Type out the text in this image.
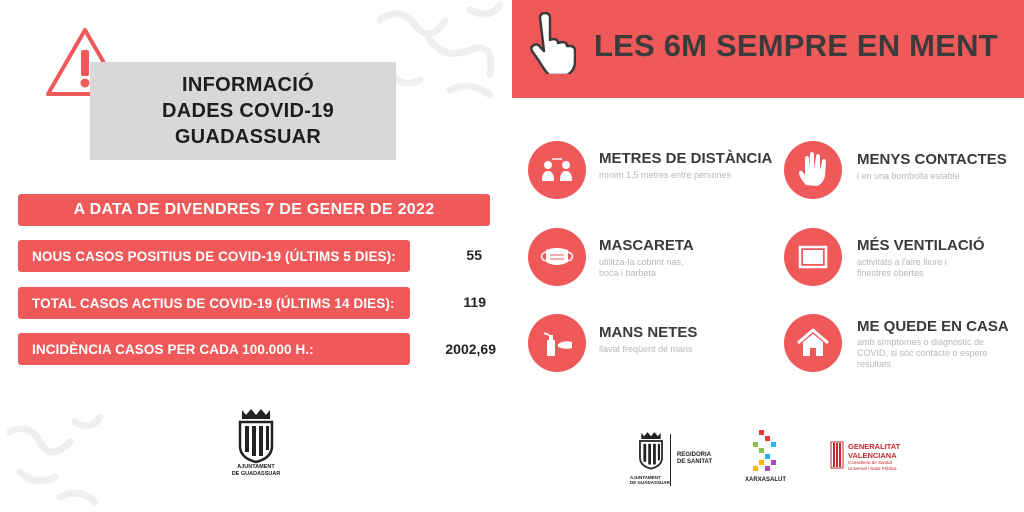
INFORMACIÓ
DADES COVID-19
GUADASSUAR
A DATA DE DIVENDRES 7 DE GENER DE 2022
NOUS CASOS POSITIUS DE COVID-19 (ÚLTIMS 5 DIES):	55
TOTAL CASOS ACTIUS DE COVID-19 (ÚLTIMS 14 DIES):	119
INCIDÈNCIA CASOS PER CADA 100.000 H.:	2002,69
AJUNTAMENT
DE GUADASSUAR
LES 6M SEMPRE EN MENT
METRES DE DISTÀNCIA
mínim 1,5 metres entre persones
MENYS CONTACTES
i en una bombolla estable
MASCARETA
utilitza-la cobrint nas,
boca i barbeta
MÉS VENTILACIÓ
activitats a l'aire lliure i
finestres obertes
MANS NETES
llavat freqüent de mans
ME QUEDE EN CASA
amb símptomes o diagnòstic de
COVID, si sóc contacte o espere
resultats
AJUNTAMENT
DE GUADASSUAR
REGIDORIA
DE SANITAT
XARXASALUT
GENERALITAT
VALENCIANA
Conselleria de Sanitat
Universal i Salut Pública
